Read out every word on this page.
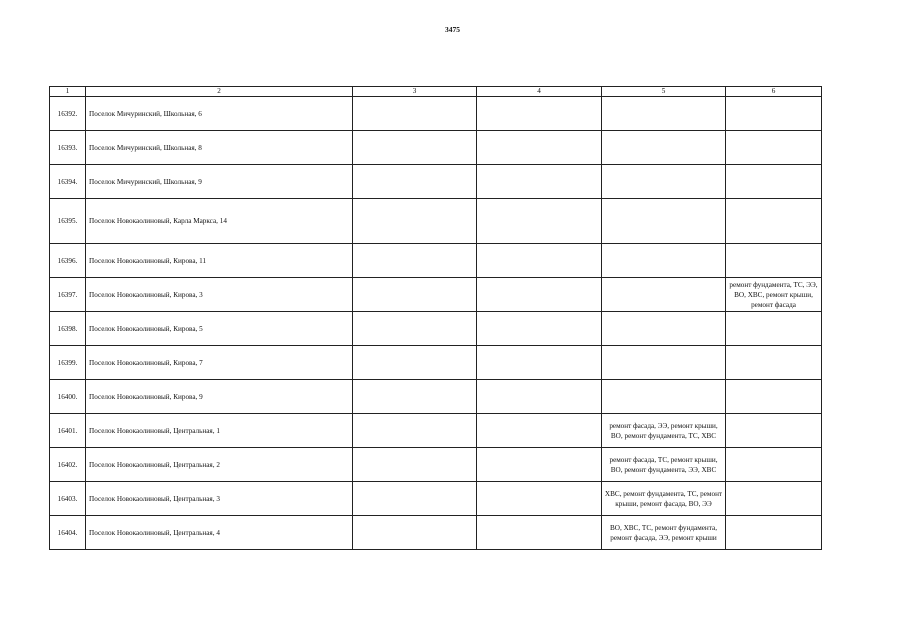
3475
1	2	3	4	5	6
16392.	Поселок Мичуринский, Школьная, 6				
16393.	Поселок Мичуринский, Школьная, 8				
16394.	Поселок Мичуринский, Школьная, 9				
16395.	Поселок Новокаолиновый, Карла Маркса, 14				
16396.	Поселок Новокаолиновый, Кирова, 11				
16397.	Поселок Новокаолиновый, Кирова, 3				ремонт фундамента, ТС, ЭЭ, ВО, ХВС, ремонт крыши, ремонт фасада
16398.	Поселок Новокаолиновый, Кирова, 5				
16399.	Поселок Новокаолиновый, Кирова, 7				
16400.	Поселок Новокаолиновый, Кирова, 9				
16401.	Поселок Новокаолиновый, Центральная, 1			ремонт фасада, ЭЭ, ремонт крыши, ВО, ремонт фундамента, ТС, ХВС	
16402.	Поселок Новокаолиновый, Центральная, 2			ремонт фасада, ТС, ремонт крыши, ВО, ремонт фундамента, ЭЭ, ХВС	
16403.	Поселок Новокаолиновый, Центральная, 3			ХВС, ремонт фундамента, ТС, ремонт крыши, ремонт фасада, ВО, ЭЭ	
16404.	Поселок Новокаолиновый, Центральная, 4			ВО, ХВС, ТС, ремонт фундамента, ремонт фасада, ЭЭ, ремонт крыши	
